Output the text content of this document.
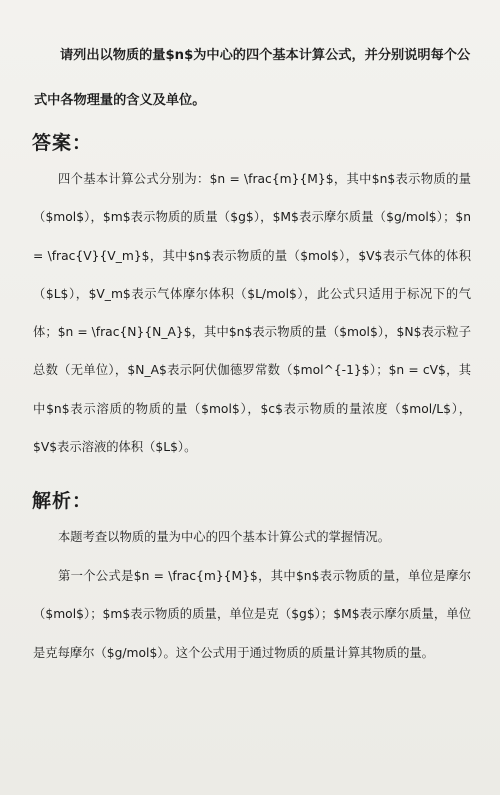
请列出以物质的量$n$为中心的四个基本计算公式，并分别说明每个公式中各物理量的含义及单位。
答案：
四个基本计算公式分别为：$n = \frac{m}{M}$，其中$n$表示物质的量（$mol$），$m$表示物质的质量（$g$），$M$表示摩尔质量（$g/mol$）；$n = \frac{V}{V_m}$，其中$n$表示物质的量（$mol$），$V$表示气体的体积（$L$），$V_m$表示气体摩尔体积（$L/mol$），此公式只适用于标况下的气体；$n = \frac{N}{N_A}$，其中$n$表示物质的量（$mol$），$N$表示粒子总数（无单位），$N_A$表示阿伏伽德罗常数（$mol^{-1}$）；$n = cV$，其中$n$表示溶质的物质的量（$mol$），$c$表示物质的量浓度（$mol/L$），$V$表示溶液的体积（$L$）。
解析：
本题考查以物质的量为中心的四个基本计算公式的掌握情况。
第一个公式是$n = \frac{m}{M}$，其中$n$表示物质的量，单位是摩尔（$mol$）；$m$表示物质的质量，单位是克（$g$）；$M$表示摩尔质量，单位是克每摩尔（$g/mol$）。这个公式用于通过物质的质量计算其物质的量。
